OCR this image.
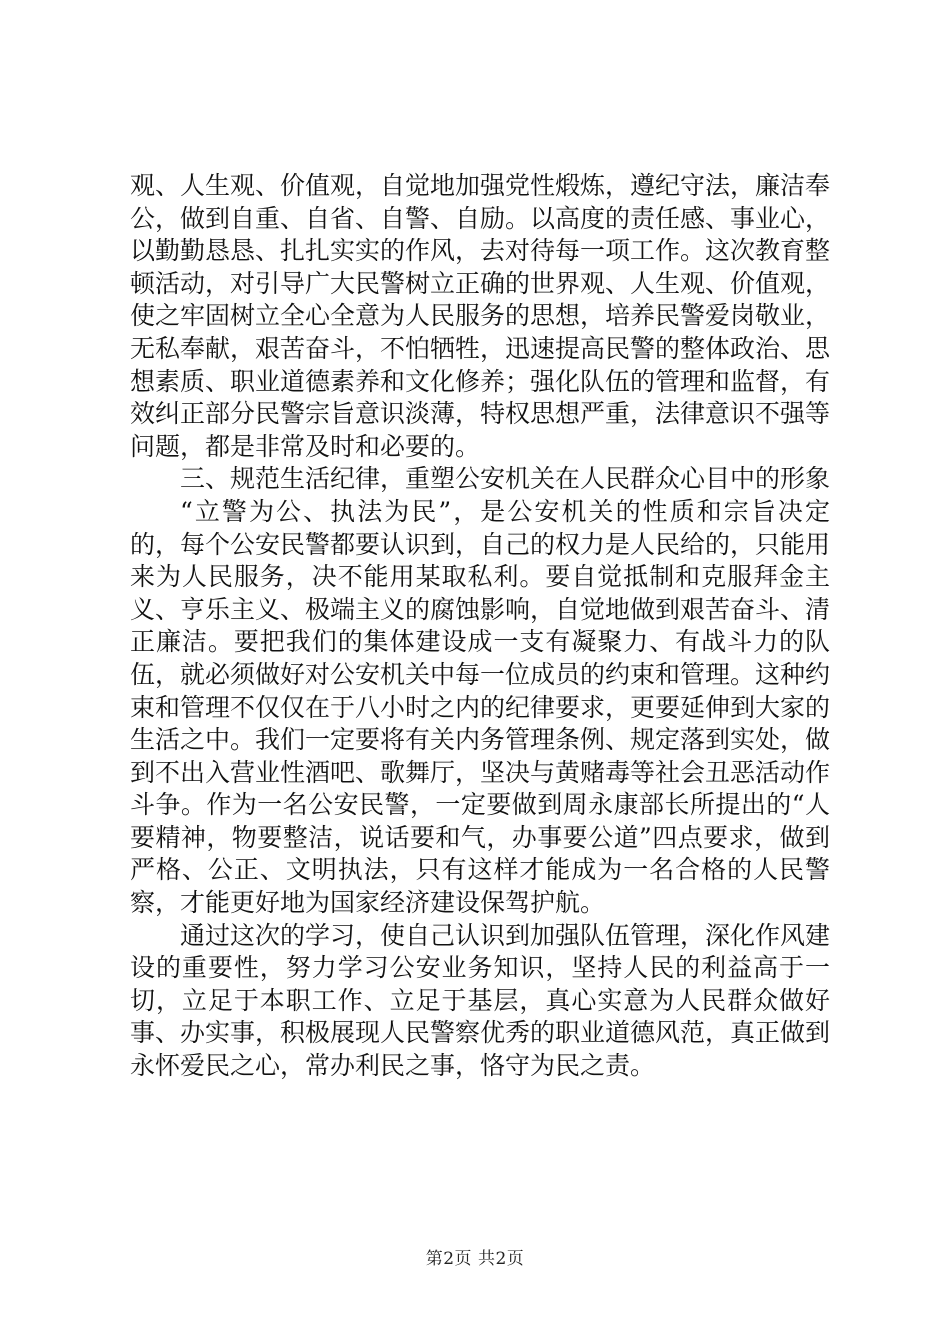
观、人生观、价值观，自觉地加强党性煅炼，遵纪守法，廉洁奉公，做到自重、自省、自警、自励。以高度的责任感、事业心，以勤勤恳恳、扎扎实实的作风，去对待每一项工作。这次教育整顿活动，对引导广大民警树立正确的世界观、人生观、价值观，使之牢固树立全心全意为人民服务的思想，培养民警爱岗敬业，无私奉献，艰苦奋斗，不怕牺牲，迅速提高民警的整体政治、思想素质、职业道德素养和文化修养；强化队伍的管理和监督，有效纠正部分民警宗旨意识淡薄，特权思想严重，法律意识不强等问题，都是非常及时和必要的。

三、规范生活纪律，重塑公安机关在人民群众心目中的形象

“立警为公、执法为民”，是公安机关的性质和宗旨决定的，每个公安民警都要认识到，自己的权力是人民给的，只能用来为人民服务，决不能用某取私利。要自觉抵制和克服拜金主义、亨乐主义、极端主义的腐蚀影响，自觉地做到艰苦奋斗、清正廉洁。要把我们的集体建设成一支有凝聚力、有战斗力的队伍，就必须做好对公安机关中每一位成员的约束和管理。这种约束和管理不仅仅在于八小时之内的纪律要求，更要延伸到大家的生活之中。我们一定要将有关内务管理条例、规定落到实处，做到不出入营业性酒吧、歌舞厅，坚决与黄赌毒等社会丑恶活动作斗争。作为一名公安民警，一定要做到周永康部长所提出的“人要精神，物要整洁，说话要和气，办事要公道”四点要求，做到严格、公正、文明执法，只有这样才能成为一名合格的人民警察，才能更好地为国家经济建设保驾护航。

通过这次的学习，使自己认识到加强队伍管理，深化作风建设的重要性，努力学习公安业务知识，坚持人民的利益高于一切，立足于本职工作、立足于基层，真心实意为人民群众做好事、办实事，积极展现人民警察优秀的职业道德风范，真正做到永怀爱民之心，常办利民之事，恪守为民之责。

第2页 共2页
